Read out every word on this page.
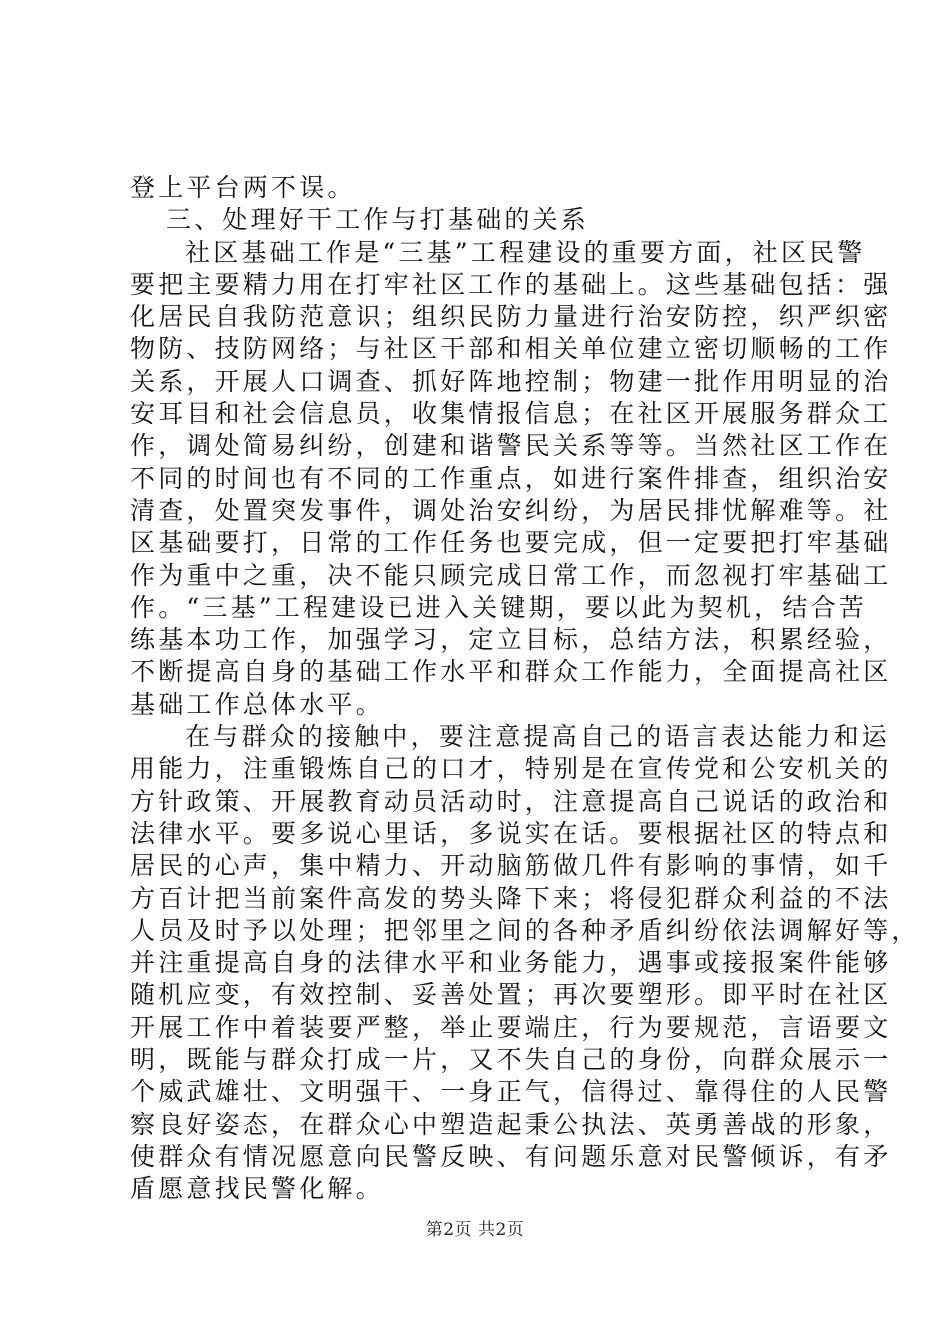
登上平台两不误。
三、处理好干工作与打基础的关系
社区基础工作是“三基”工程建设的重要方面，社区民警
要把主要精力用在打牢社区工作的基础上。这些基础包括：强
化居民自我防范意识；组织民防力量进行治安防控，织严织密
物防、技防网络；与社区干部和相关单位建立密切顺畅的工作
关系，开展人口调查、抓好阵地控制；物建一批作用明显的治
安耳目和社会信息员，收集情报信息；在社区开展服务群众工
作，调处简易纠纷，创建和谐警民关系等等。当然社区工作在
不同的时间也有不同的工作重点，如进行案件排查，组织治安
清查，处置突发事件，调处治安纠纷，为居民排忧解难等。社
区基础要打，日常的工作任务也要完成，但一定要把打牢基础
作为重中之重，决不能只顾完成日常工作，而忽视打牢基础工
作。“三基”工程建设已进入关键期，要以此为契机，结合苦
练基本功工作，加强学习，定立目标，总结方法，积累经验，
不断提高自身的基础工作水平和群众工作能力，全面提高社区
基础工作总体水平。
在与群众的接触中，要注意提高自己的语言表达能力和运
用能力，注重锻炼自己的口才，特别是在宣传党和公安机关的
方针政策、开展教育动员活动时，注意提高自己说话的政治和
法律水平。要多说心里话，多说实在话。要根据社区的特点和
居民的心声，集中精力、开动脑筋做几件有影响的事情，如千
方百计把当前案件高发的势头降下来；将侵犯群众利益的不法
人员及时予以处理；把邻里之间的各种矛盾纠纷依法调解好等，
并注重提高自身的法律水平和业务能力，遇事或接报案件能够
随机应变，有效控制、妥善处置；再次要塑形。即平时在社区
开展工作中着装要严整，举止要端庄，行为要规范，言语要文
明，既能与群众打成一片，又不失自己的身份，向群众展示一
个威武雄壮、文明强干、一身正气，信得过、靠得住的人民警
察良好姿态，在群众心中塑造起秉公执法、英勇善战的形象，
使群众有情况愿意向民警反映、有问题乐意对民警倾诉，有矛
盾愿意找民警化解。
第2页 共2页
